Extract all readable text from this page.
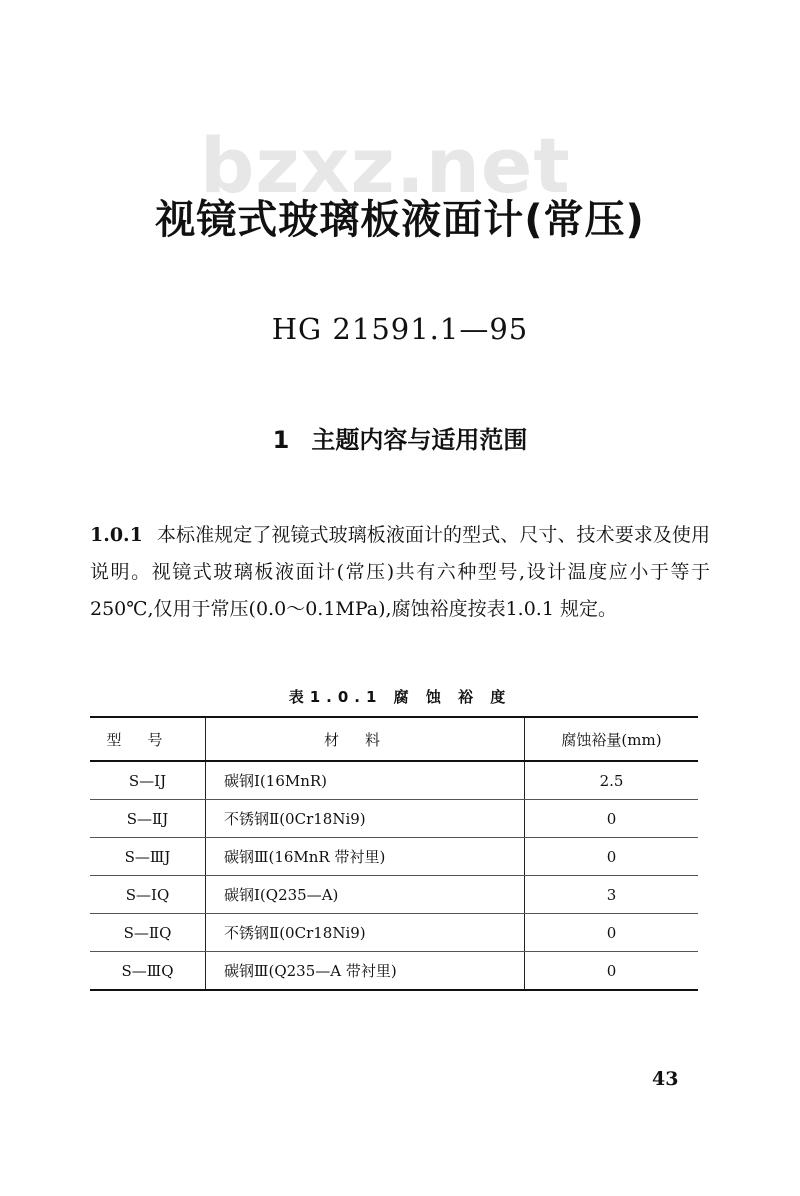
bzxz.net
视镜式玻璃板液面计(常压)
HG 21591.1—95
1 主题内容与适用范围
1.0.1 本标准规定了视镜式玻璃板液面计的型式、尺寸、技术要求及使用说明。视镜式玻璃板液面计(常压)共有六种型号,设计温度应小于等于 250℃,仅用于常压(0.0～0.1MPa),腐蚀裕度按表1.0.1 规定。
表1.0.1 腐 蚀 裕 度
型号	材料	腐蚀裕量(mm)
S—ⅠJ	碳钢Ⅰ(16MnR)	2.5
S—ⅡJ	不锈钢Ⅱ(0Cr18Ni9)	0
S—ⅢJ	碳钢Ⅲ(16MnR 带衬里)	0
S—ⅠQ	碳钢Ⅰ(Q235—A)	3
S—ⅡQ	不锈钢Ⅱ(0Cr18Ni9)	0
S—ⅢQ	碳钢Ⅲ(Q235—A 带衬里)	0
43
